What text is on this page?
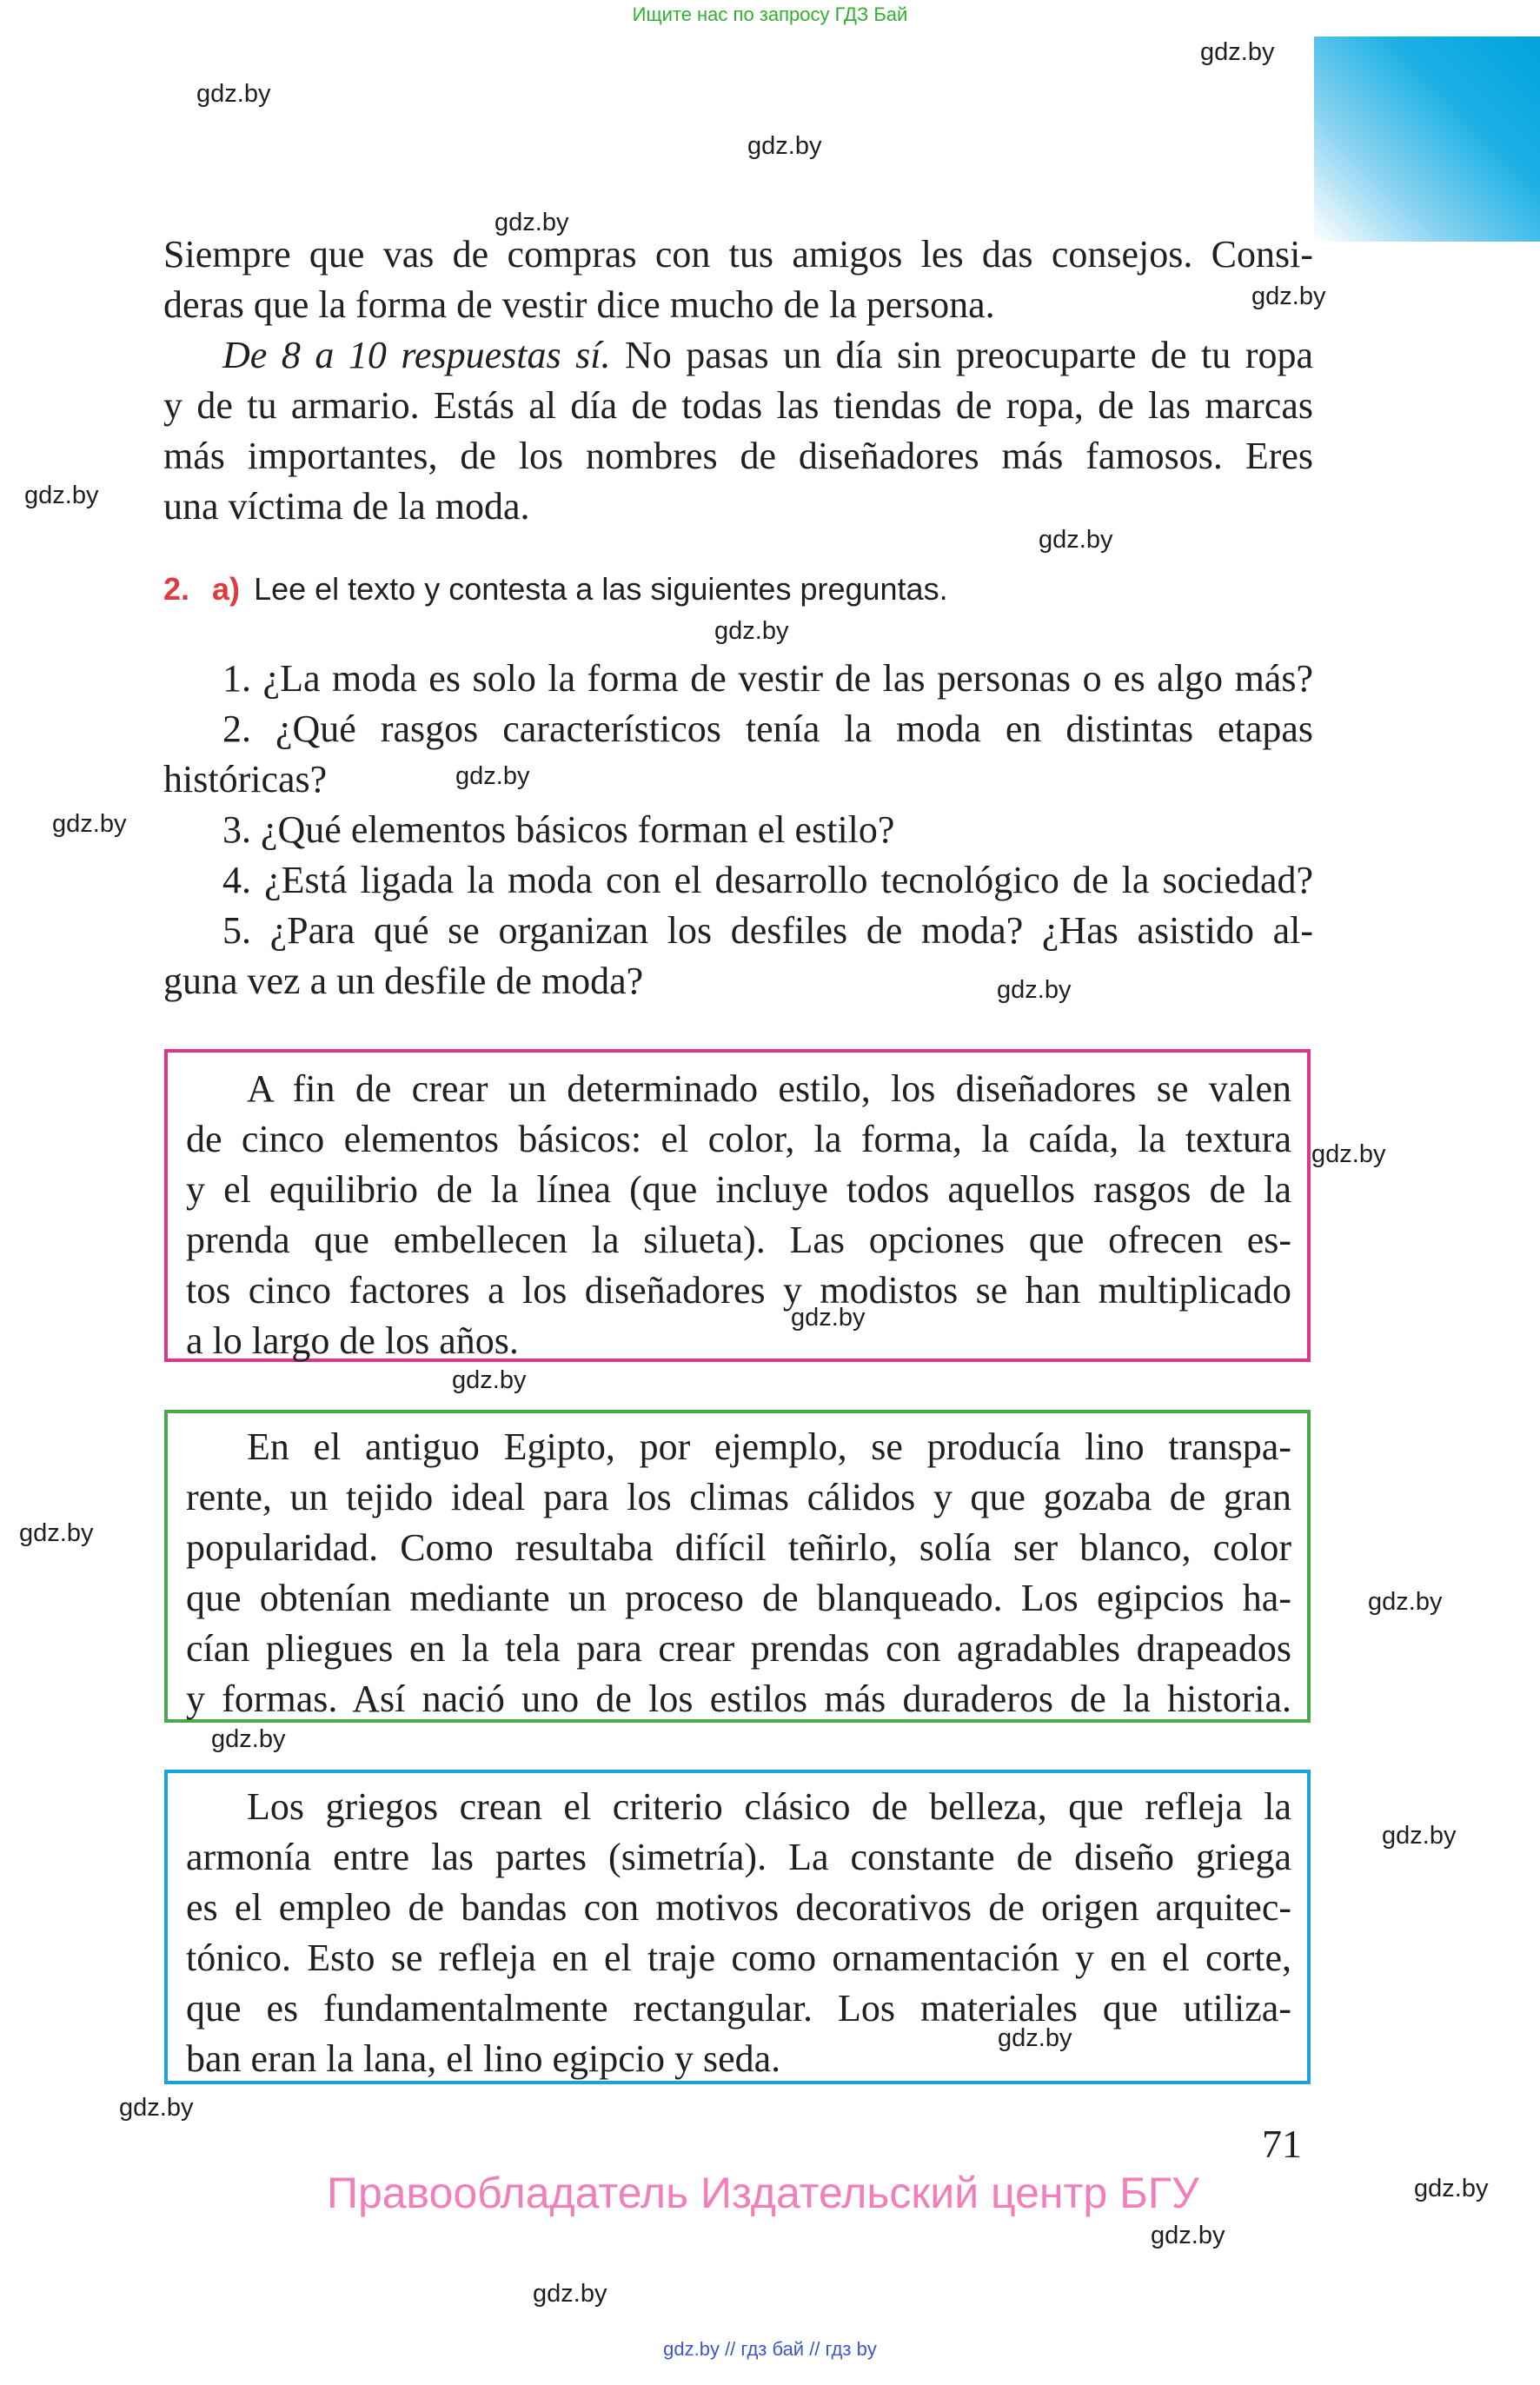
Ищите нас по запросу ГДЗ Бай
gdz.by
gdz.by
gdz.by
gdz.by
gdz.by
gdz.by
gdz.by
gdz.by
gdz.by
gdz.by
gdz.by
gdz.by
gdz.by
gdz.by
gdz.by
gdz.by
gdz.by
gdz.by
gdz.by
gdz.by
gdz.by
gdz.by
gdz.by
Siempre que vas de compras con tus amigos les das consejos. Consi-
deras que la forma de vestir dice mucho de la persona.
De 8 a 10 respuestas sí. No pasas un día sin preocuparte de tu ropa
y de tu armario. Estás al día de todas las tiendas de ropa, de las marcas
más importantes, de los nombres de diseñadores más famosos. Eres
una víctima de la moda.
2. a) Lee el texto y contesta a las siguientes preguntas.
1. ¿La moda es solo la forma de vestir de las personas o es algo más?
2. ¿Qué rasgos característicos tenía la moda en distintas etapas
históricas?
3. ¿Qué elementos básicos forman el estilo?
4. ¿Está ligada la moda con el desarrollo tecnológico de la sociedad?
5. ¿Para qué se organizan los desfiles de moda? ¿Has asistido al-
guna vez a un desfile de moda?
A fin de crear un determinado estilo, los diseñadores se valen
de cinco elementos básicos: el color, la forma, la caída, la textura
y el equilibrio de la línea (que incluye todos aquellos rasgos de la
prenda que embellecen la silueta). Las opciones que ofrecen es-
tos cinco factores a los diseñadores y modistos se han multiplicado
a lo largo de los años.
En el antiguo Egipto, por ejemplo, se producía lino transpa-
rente, un tejido ideal para los climas cálidos y que gozaba de gran
popularidad. Como resultaba difícil teñirlo, solía ser blanco, color
que obtenían mediante un proceso de blanqueado. Los egipcios ha-
cían pliegues en la tela para crear prendas con agradables drapeados
y formas. Así nació uno de los estilos más duraderos de la historia.
Los griegos crean el criterio clásico de belleza, que refleja la
armonía entre las partes (simetría). La constante de diseño griega
es el empleo de bandas con motivos decorativos de origen arquitec-
tónico. Esto se refleja en el traje como ornamentación y en el corte,
que es fundamentalmente rectangular. Los materiales que utiliza-
ban eran la lana, el lino egipcio y seda.
71
Правообладатель Издательский центр БГУ
gdz.by // гдз бай // гдз by
